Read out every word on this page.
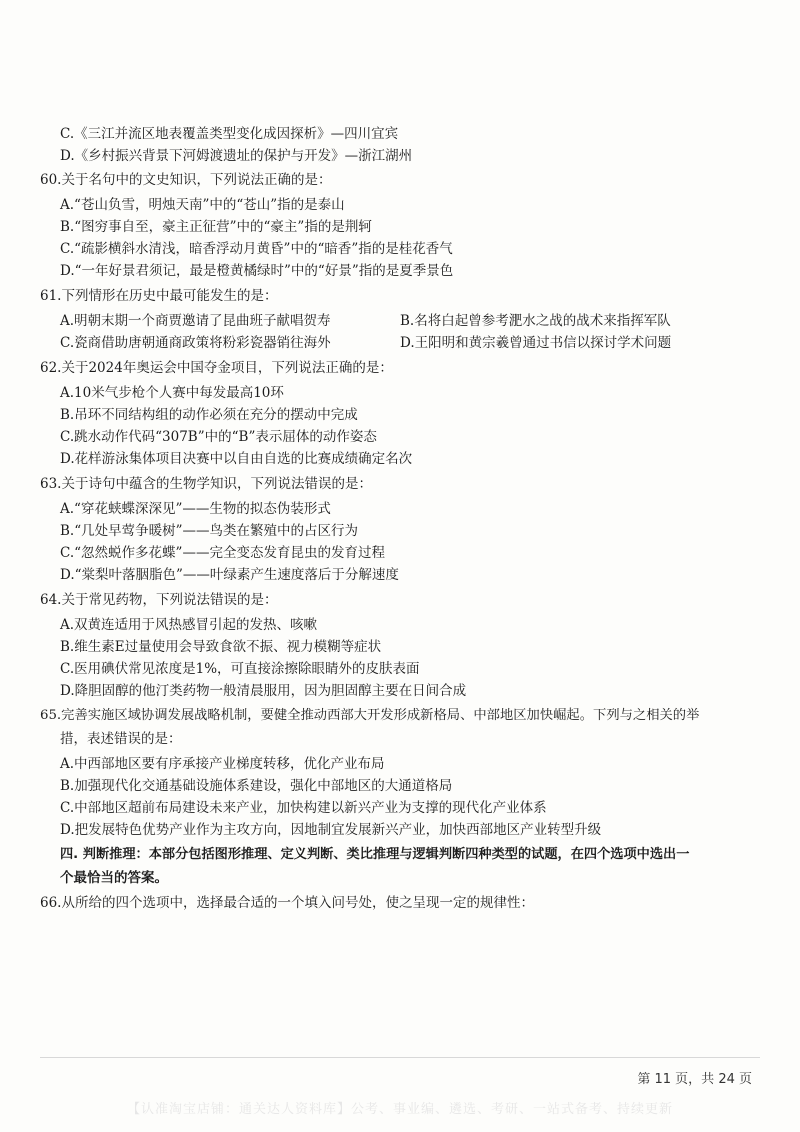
C.《三江并流区地表覆盖类型变化成因探析》—四川宜宾
D.《乡村振兴背景下河姆渡遗址的保护与开发》—浙江湖州
60.关于名句中的文史知识，下列说法正确的是：
A.“苍山负雪，明烛天南”中的“苍山”指的是泰山
B.“图穷事自至，豪主正征营”中的“豪主”指的是荆轲
C.“疏影横斜水清浅，暗香浮动月黄昏”中的“暗香”指的是桂花香气
D.“一年好景君须记，最是橙黄橘绿时”中的“好景”指的是夏季景色
61.下列情形在历史中最可能发生的是：
A.明朝末期一个商贾邀请了昆曲班子献唱贺寿	B.名将白起曾参考淝水之战的战术来指挥军队
C.瓷商借助唐朝通商政策将粉彩瓷器销往海外	D.王阳明和黄宗羲曾通过书信以探讨学术问题
62.关于2024年奥运会中国夺金项目，下列说法正确的是：
A.10米气步枪个人赛中每发最高10环
B.吊环不同结构组的动作必须在充分的摆动中完成
C.跳水动作代码“307B”中的“B”表示屈体的动作姿态
D.花样游泳集体项目决赛中以自由自选的比赛成绩确定名次
63.关于诗句中蕴含的生物学知识，下列说法错误的是：
A.“穿花蛱蝶深深见”——生物的拟态伪装形式
B.“几处早莺争暖树”——鸟类在繁殖中的占区行为
C.“忽然蜕作多花蝶”——完全变态发育昆虫的发育过程
D.“棠梨叶落胭脂色”——叶绿素产生速度落后于分解速度
64.关于常见药物，下列说法错误的是：
A.双黄连适用于风热感冒引起的发热、咳嗽
B.维生素E过量使用会导致食欲不振、视力模糊等症状
C.医用碘伏常见浓度是1%，可直接涂擦除眼睛外的皮肤表面
D.降胆固醇的他汀类药物一般清晨服用，因为胆固醇主要在日间合成
65.完善实施区域协调发展战略机制，要健全推动西部大开发形成新格局、中部地区加快崛起。下列与之相关的举
措，表述错误的是：
A.中西部地区要有序承接产业梯度转移，优化产业布局
B.加强现代化交通基础设施体系建设，强化中部地区的大通道格局
C.中部地区超前布局建设未来产业，加快构建以新兴产业为支撑的现代化产业体系
D.把发展特色优势产业作为主攻方向，因地制宜发展新兴产业，加快西部地区产业转型升级
四. 判断推理：本部分包括图形推理、定义判断、类比推理与逻辑判断四种类型的试题，在四个选项中选出一
个最恰当的答案。
66.从所给的四个选项中，选择最合适的一个填入问号处，使之呈现一定的规律性：
第 11 页，共 24 页
【认准淘宝店铺：通关达人资料库】公考、事业编、遴选、考研、一站式备考、持续更新
